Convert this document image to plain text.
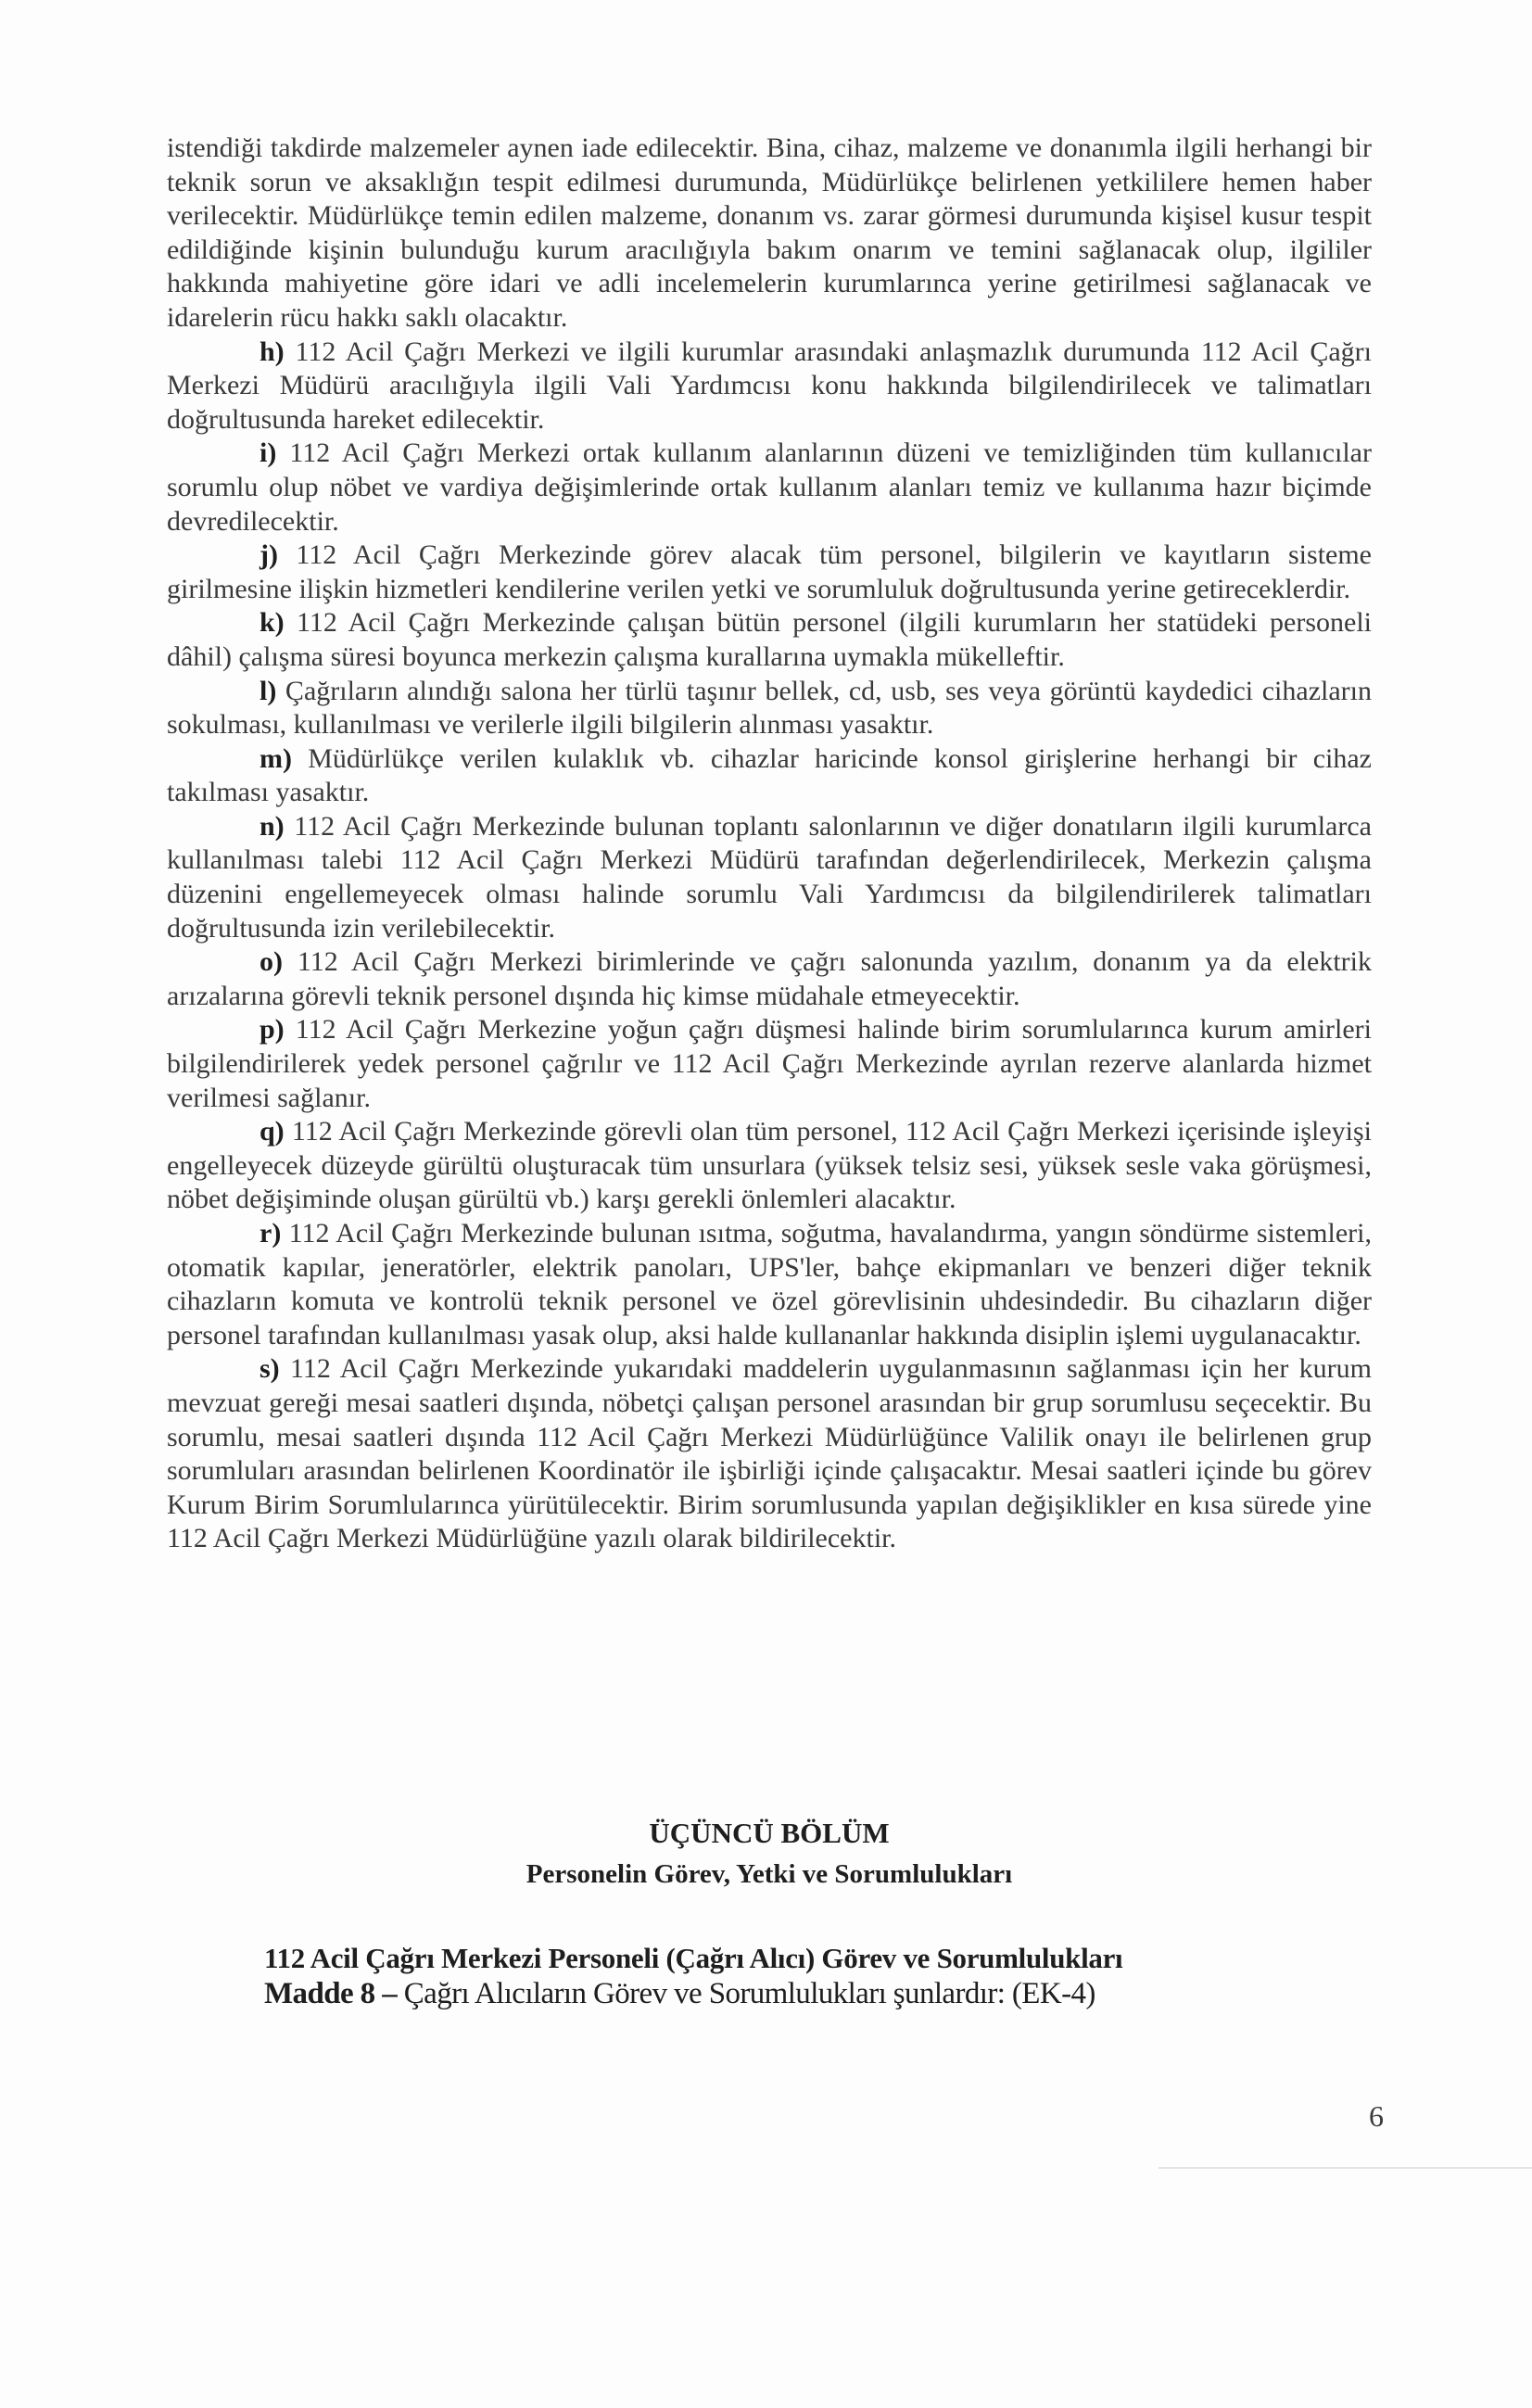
istendiği takdirde malzemeler aynen iade edilecektir. Bina, cihaz, malzeme ve donanımla ilgili herhangi bir teknik sorun ve aksaklığın tespit edilmesi durumunda, Müdürlükçe belirlenen yetkililere hemen haber verilecektir. Müdürlükçe temin edilen malzeme, donanım vs. zarar görmesi durumunda kişisel kusur tespit edildiğinde kişinin bulunduğu kurum aracılığıyla bakım onarım ve temini sağlanacak olup, ilgililer hakkında mahiyetine göre idari ve adli incelemelerin kurumlarınca yerine getirilmesi sağlanacak ve idarelerin rücu hakkı saklı olacaktır.

h) 112 Acil Çağrı Merkezi ve ilgili kurumlar arasındaki anlaşmazlık durumunda 112 Acil Çağrı Merkezi Müdürü aracılığıyla ilgili Vali Yardımcısı konu hakkında bilgilendirilecek ve talimatları doğrultusunda hareket edilecektir.

i) 112 Acil Çağrı Merkezi ortak kullanım alanlarının düzeni ve temizliğinden tüm kullanıcılar sorumlu olup nöbet ve vardiya değişimlerinde ortak kullanım alanları temiz ve kullanıma hazır biçimde devredilecektir.

j) 112 Acil Çağrı Merkezinde görev alacak tüm personel, bilgilerin ve kayıtların sisteme girilmesine ilişkin hizmetleri kendilerine verilen yetki ve sorumluluk doğrultusunda yerine getireceklerdir.

k) 112 Acil Çağrı Merkezinde çalışan bütün personel (ilgili kurumların her statüdeki personeli dâhil) çalışma süresi boyunca merkezin çalışma kurallarına uymakla mükelleftir.

l) Çağrıların alındığı salona her türlü taşınır bellek, cd, usb, ses veya görüntü kaydedici cihazların sokulması, kullanılması ve verilerle ilgili bilgilerin alınması yasaktır.

m) Müdürlükçe verilen kulaklık vb. cihazlar haricinde konsol girişlerine herhangi bir cihaz takılması yasaktır.

n) 112 Acil Çağrı Merkezinde bulunan toplantı salonlarının ve diğer donatıların ilgili kurumlarca kullanılması talebi 112 Acil Çağrı Merkezi Müdürü tarafından değerlendirilecek, Merkezin çalışma düzenini engellemeyecek olması halinde sorumlu Vali Yardımcısı da bilgilendirilerek talimatları doğrultusunda izin verilebilecektir.

o) 112 Acil Çağrı Merkezi birimlerinde ve çağrı salonunda yazılım, donanım ya da elektrik arızalarına görevli teknik personel dışında hiç kimse müdahale etmeyecektir.

p) 112 Acil Çağrı Merkezine yoğun çağrı düşmesi halinde birim sorumlularınca kurum amirleri bilgilendirilerek yedek personel çağrılır ve 112 Acil Çağrı Merkezinde ayrılan rezerve alanlarda hizmet verilmesi sağlanır.

q) 112 Acil Çağrı Merkezinde görevli olan tüm personel, 112 Acil Çağrı Merkezi içerisinde işleyişi engelleyecek düzeyde gürültü oluşturacak tüm unsurlara (yüksek telsiz sesi, yüksek sesle vaka görüşmesi, nöbet değişiminde oluşan gürültü vb.) karşı gerekli önlemleri alacaktır.

r) 112 Acil Çağrı Merkezinde bulunan ısıtma, soğutma, havalandırma, yangın söndürme sistemleri, otomatik kapılar, jeneratörler, elektrik panoları, UPS'ler, bahçe ekipmanları ve benzeri diğer teknik cihazların komuta ve kontrolü teknik personel ve özel görevlisinin uhdesindedir. Bu cihazların diğer personel tarafından kullanılması yasak olup, aksi halde kullananlar hakkında disiplin işlemi uygulanacaktır.

s) 112 Acil Çağrı Merkezinde yukarıdaki maddelerin uygulanmasının sağlanması için her kurum mevzuat gereği mesai saatleri dışında, nöbetçi çalışan personel arasından bir grup sorumlusu seçecektir. Bu sorumlu, mesai saatleri dışında 112 Acil Çağrı Merkezi Müdürlüğünce Valilik onayı ile belirlenen grup sorumluları arasından belirlenen Koordinatör ile işbirliği içinde çalışacaktır. Mesai saatleri içinde bu görev Kurum Birim Sorumlularınca yürütülecektir. Birim sorumlusunda yapılan değişiklikler en kısa sürede yine 112 Acil Çağrı Merkezi Müdürlüğüne yazılı olarak bildirilecektir.

ÜÇÜNCÜ BÖLÜM
Personelin Görev, Yetki ve Sorumlulukları
112 Acil Çağrı Merkezi Personeli (Çağrı Alıcı) Görev ve Sorumlulukları
Madde 8 – Çağrı Alıcıların Görev ve Sorumlulukları şunlardır: (EK-4)
6
